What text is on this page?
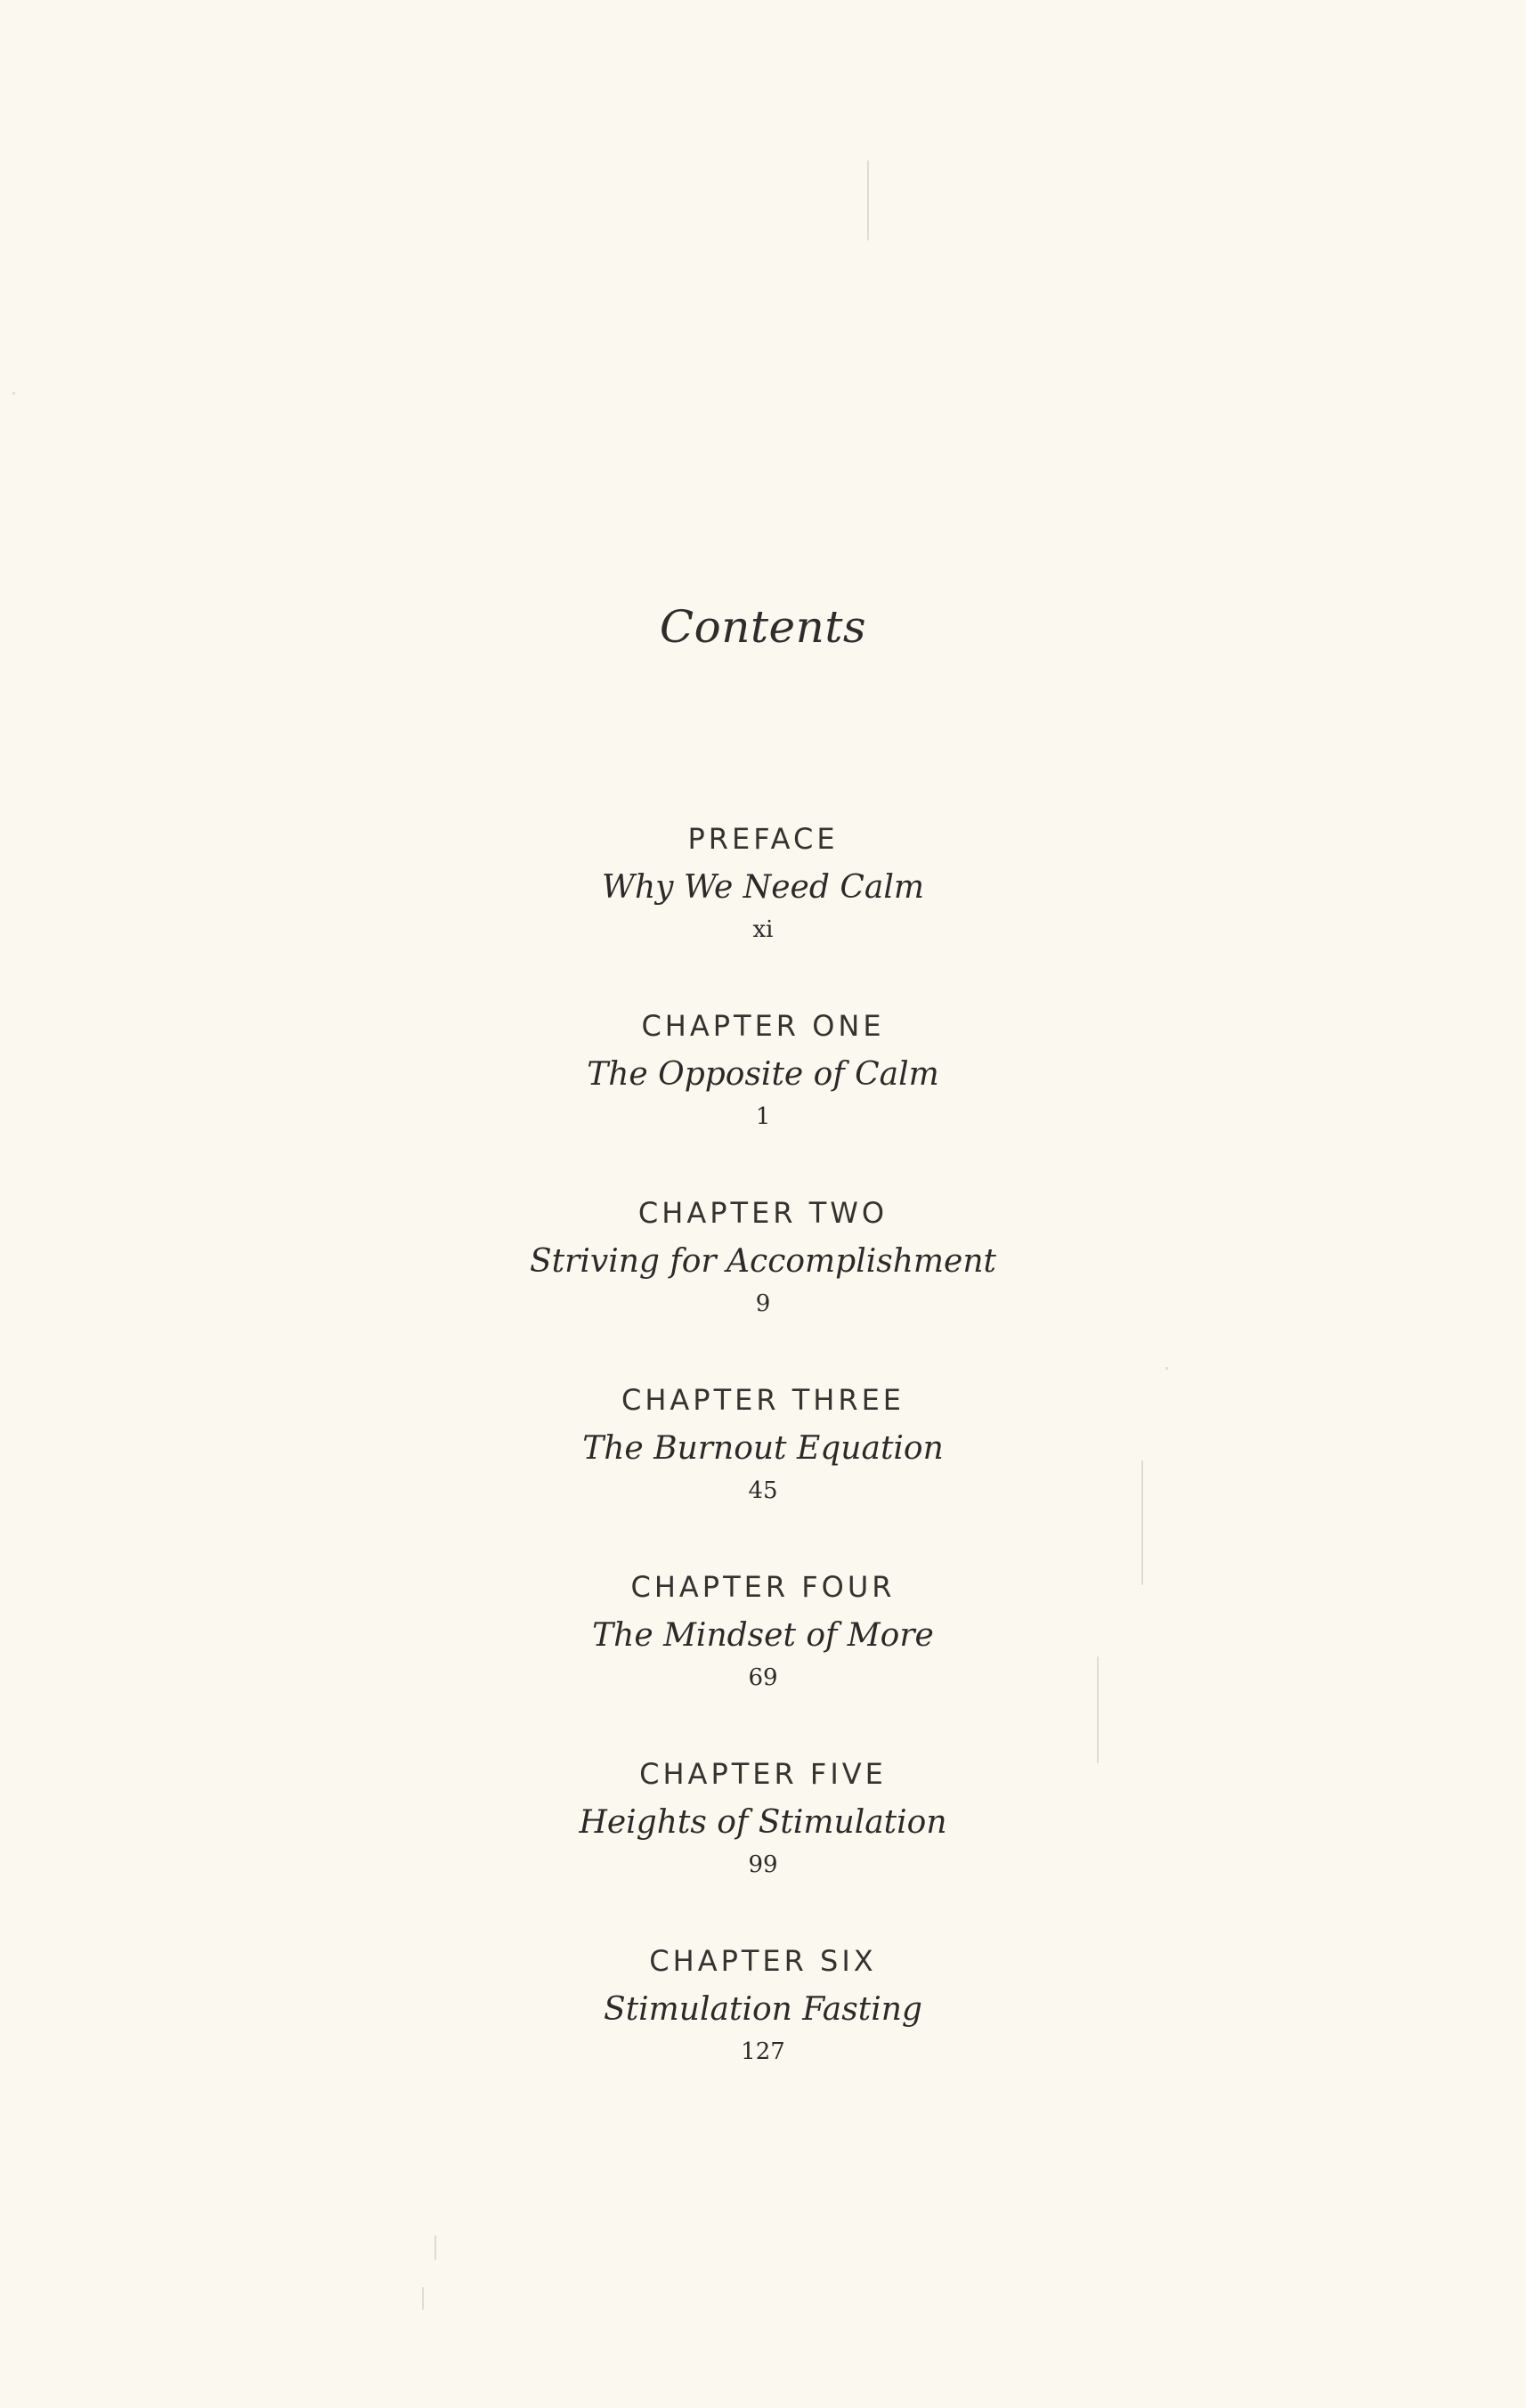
Contents
PREFACE
Why We Need Calm
xi
CHAPTER ONE
The Opposite of Calm
1
CHAPTER TWO
Striving for Accomplishment
9
CHAPTER THREE
The Burnout Equation
45
CHAPTER FOUR
The Mindset of More
69
CHAPTER FIVE
Heights of Stimulation
99
CHAPTER SIX
Stimulation Fasting
127
